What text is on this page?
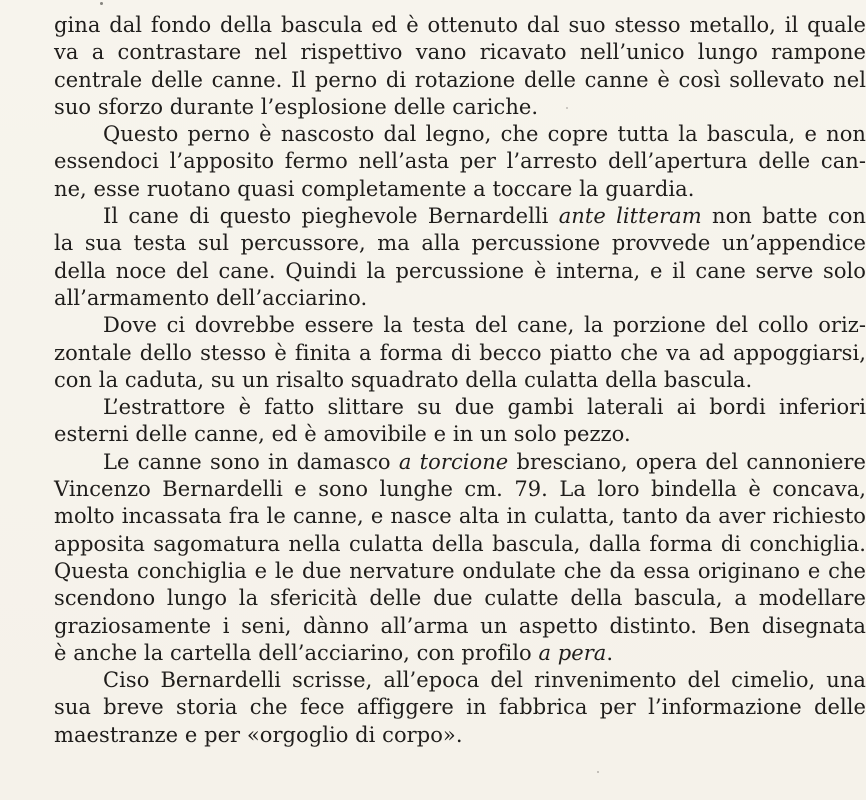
gina dal fondo della bascula ed è ottenuto dal suo stesso metallo, il quale
va a contrastare nel rispettivo vano ricavato nell’unico lungo rampone
centrale delle canne. Il perno di rotazione delle canne è così sollevato nel
suo sforzo durante l’esplosione delle cariche.
Questo perno è nascosto dal legno, che copre tutta la bascula, e non
essendoci l’apposito fermo nell’asta per l’arresto dell’apertura delle can-
ne, esse ruotano quasi completamente a toccare la guardia.
Il cane di questo pieghevole Bernardelli ante litteram non batte con
la sua testa sul percussore, ma alla percussione provvede un’appendice
della noce del cane. Quindi la percussione è interna, e il cane serve solo
all’armamento dell’acciarino.
Dove ci dovrebbe essere la testa del cane, la porzione del collo oriz-
zontale dello stesso è finita a forma di becco piatto che va ad appoggiarsi,
con la caduta, su un risalto squadrato della culatta della bascula.
L’estrattore è fatto slittare su due gambi laterali ai bordi inferiori
esterni delle canne, ed è amovibile e in un solo pezzo.
Le canne sono in damasco a torcione bresciano, opera del cannoniere
Vincenzo Bernardelli e sono lunghe cm. 79. La loro bindella è concava,
molto incassata fra le canne, e nasce alta in culatta, tanto da aver richiesto
apposita sagomatura nella culatta della bascula, dalla forma di conchiglia.
Questa conchiglia e le due nervature ondulate che da essa originano e che
scendono lungo la sfericità delle due culatte della bascula, a modellare
graziosamente i seni, dànno all’arma un aspetto distinto. Ben disegnata
è anche la cartella dell’acciarino, con profilo a pera.
Ciso Bernardelli scrisse, all’epoca del rinvenimento del cimelio, una
sua breve storia che fece affiggere in fabbrica per l’informazione delle
maestranze e per «orgoglio di corpo».
